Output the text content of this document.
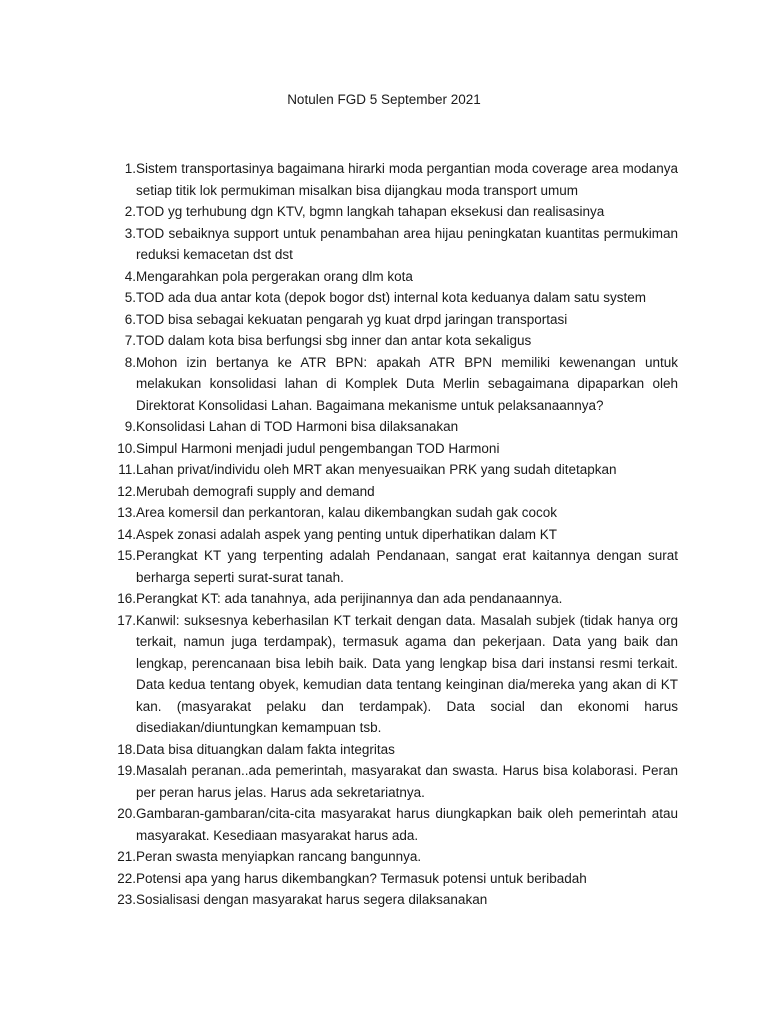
Notulen FGD 5 September 2021
1. Sistem transportasinya bagaimana hirarki moda pergantian moda coverage area modanya setiap titik lok permukiman misalkan bisa dijangkau moda transport umum
2. TOD yg terhubung dgn KTV, bgmn langkah tahapan eksekusi dan realisasinya
3. TOD sebaiknya support untuk penambahan area hijau peningkatan kuantitas permukiman reduksi kemacetan dst dst
4. Mengarahkan pola pergerakan orang dlm kota
5. TOD ada dua antar kota (depok bogor dst) internal kota keduanya dalam satu system
6. TOD bisa sebagai kekuatan pengarah yg kuat drpd jaringan transportasi
7. TOD dalam kota bisa berfungsi sbg inner dan antar kota sekaligus
8. Mohon izin bertanya ke ATR BPN: apakah ATR BPN memiliki kewenangan untuk melakukan konsolidasi lahan di Komplek Duta Merlin sebagaimana dipaparkan oleh Direktorat Konsolidasi Lahan. Bagaimana mekanisme untuk pelaksanaannya?
9. Konsolidasi Lahan di TOD Harmoni bisa dilaksanakan
10. Simpul Harmoni menjadi judul pengembangan TOD Harmoni
11. Lahan privat/individu oleh MRT akan menyesuaikan PRK yang sudah ditetapkan
12. Merubah demografi supply and demand
13. Area komersil dan perkantoran, kalau dikembangkan sudah gak cocok
14. Aspek zonasi adalah aspek yang penting untuk diperhatikan dalam KT
15. Perangkat KT yang terpenting adalah Pendanaan, sangat erat kaitannya dengan surat berharga seperti surat-surat tanah.
16. Perangkat KT: ada tanahnya, ada perijinannya dan ada pendanaannya.
17. Kanwil: suksesnya keberhasilan KT terkait dengan data. Masalah subjek (tidak hanya org terkait, namun juga terdampak), termasuk agama dan pekerjaan. Data yang baik dan lengkap, perencanaan bisa lebih baik. Data yang lengkap bisa dari instansi resmi terkait. Data kedua tentang obyek, kemudian data tentang keinginan dia/mereka yang akan di KT kan. (masyarakat pelaku dan terdampak). Data social dan ekonomi harus disediakan/diuntungkan kemampuan tsb.
18. Data bisa dituangkan dalam fakta integritas
19. Masalah peranan..ada pemerintah, masyarakat dan swasta. Harus bisa kolaborasi. Peran per peran harus jelas. Harus ada sekretariatnya.
20. Gambaran-gambaran/cita-cita masyarakat harus diungkapkan baik oleh pemerintah atau masyarakat. Kesediaan masyarakat harus ada.
21. Peran swasta menyiapkan rancang bangunnya.
22. Potensi apa yang harus dikembangkan? Termasuk potensi untuk beribadah
23. Sosialisasi dengan masyarakat harus segera dilaksanakan
